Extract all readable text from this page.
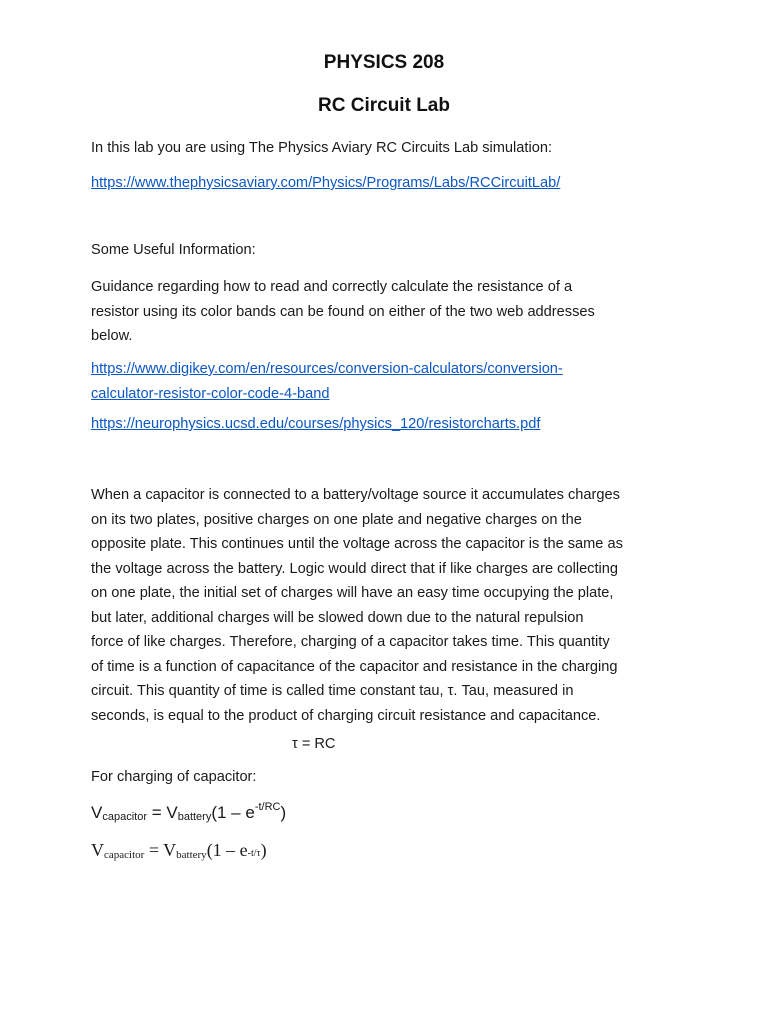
PHYSICS 208
RC Circuit Lab
In this lab you are using The Physics Aviary RC Circuits Lab simulation:
https://www.thephysicsaviary.com/Physics/Programs/Labs/RCCircuitLab/
Some Useful Information:
Guidance regarding how to read and correctly calculate the resistance of a
resistor using its color bands can be found on either of the two web addresses
below.
https://www.digikey.com/en/resources/conversion-calculators/conversion-
calculator-resistor-color-code-4-band
https://neurophysics.ucsd.edu/courses/physics_120/resistorcharts.pdf
When a capacitor is connected to a battery/voltage source it accumulates charges
on its two plates, positive charges on one plate and negative charges on the
opposite plate. This continues until the voltage across the capacitor is the same as
the voltage across the battery. Logic would direct that if like charges are collecting
on one plate, the initial set of charges will have an easy time occupying the plate,
but later, additional charges will be slowed down due to the natural repulsion
force of like charges. Therefore, charging of a capacitor takes time. This quantity
of time is a function of capacitance of the capacitor and resistance in the charging
circuit. This quantity of time is called time constant tau, τ. Tau, measured in
seconds, is equal to the product of charging circuit resistance and capacitance.
τ = RC
For charging of capacitor:
$V_{capacitor} = V_{battery}(1 - e^{-t/RC})$
$V_{capacitor} = V_{battery}(1 - e-t/\tau)$
